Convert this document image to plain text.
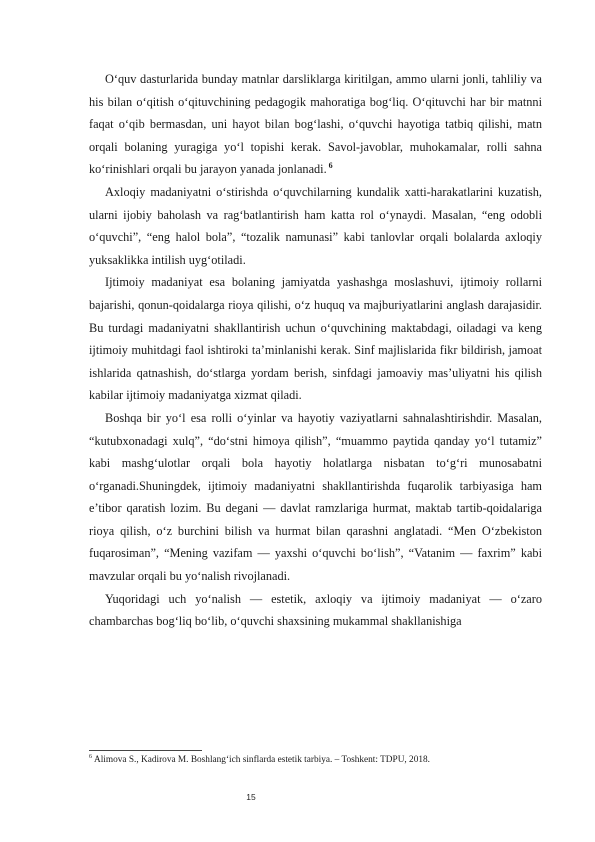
O‘quv dasturlarida bunday matnlar darsliklarga kiritilgan, ammo ularni jonli, tahliliy va his bilan o‘qitish o‘qituvchining pedagogik mahoratiga bog‘liq. O‘qituvchi har bir matnni faqat o‘qib bermasdan, uni hayot bilan bog‘lashi, o‘quvchi hayotiga tatbiq qilishi, matn orqali bolaning yuragiga yo‘l topishi kerak. Savol-javoblar, muhokamalar, rolli sahna ko‘rinishlari orqali bu jarayon yanada jonlanadi. $^6$

Axloqiy madaniyatni o‘stirishda o‘quvchilarning kundalik xatti-harakatlarini kuzatish, ularni ijobiy baholash va rag‘batlantirish ham katta rol o‘ynaydi. Masalan, “eng odobli o‘quvchi”, “eng halol bola”, “tozalik namunasi” kabi tanlovlar orqali bolalarda axloqiy yuksaklikka intilish uyg‘otiladi.

Ijtimoiy madaniyat esa bolaning jamiyatda yashashga moslashuvi, ijtimoiy rollarni bajarishi, qonun-qoidalarga rioya qilishi, o‘z huquq va majburiyatlarini anglash darajasidir. Bu turdagi madaniyatni shakllantirish uchun o‘quvchining maktabdagi, oiladagi va keng ijtimoiy muhitdagi faol ishtiroki ta’minlanishi kerak. Sinf majlislarida fikr bildirish, jamoat ishlarida qatnashish, do‘stlarga yordam berish, sinfdagi jamoaviy mas’uliyatni his qilish kabilar ijtimoiy madaniyatga xizmat qiladi.

Boshqa bir yo‘l esa rolli o‘yinlar va hayotiy vaziyatlarni sahnalashtirishdir. Masalan, “kutubxonadagi xulq”, “do‘stni himoya qilish”, “muammo paytida qanday yo‘l tutamiz” kabi mashg‘ulotlar orqali bola hayotiy holatlarga nisbatan to‘g‘ri munosabatni o‘rganadi.Shuningdek, ijtimoiy madaniyatni shakllantirishda fuqarolik tarbiyasiga ham e’tibor qaratish lozim. Bu degani — davlat ramzlariga hurmat, maktab tartib-qoidalariga rioya qilish, o‘z burchini bilish va hurmat bilan qarashni anglatadi. “Men O‘zbekiston fuqarosiman”, “Mening vazifam — yaxshi o‘quvchi bo‘lish”, “Vatanim — faxrim” kabi mavzular orqali bu yo‘nalish rivojlanadi.

Yuqoridagi uch yo‘nalish — estetik, axloqiy va ijtimoiy madaniyat — o‘zaro chambarchas bog‘liq bo‘lib, o‘quvchi shaxsining mukammal shakllanishiga

$^6$ Alimova S., Kadirova M. Boshlang‘ich sinflarda estetik tarbiya. – Toshkent: TDPU, 2018.
15
